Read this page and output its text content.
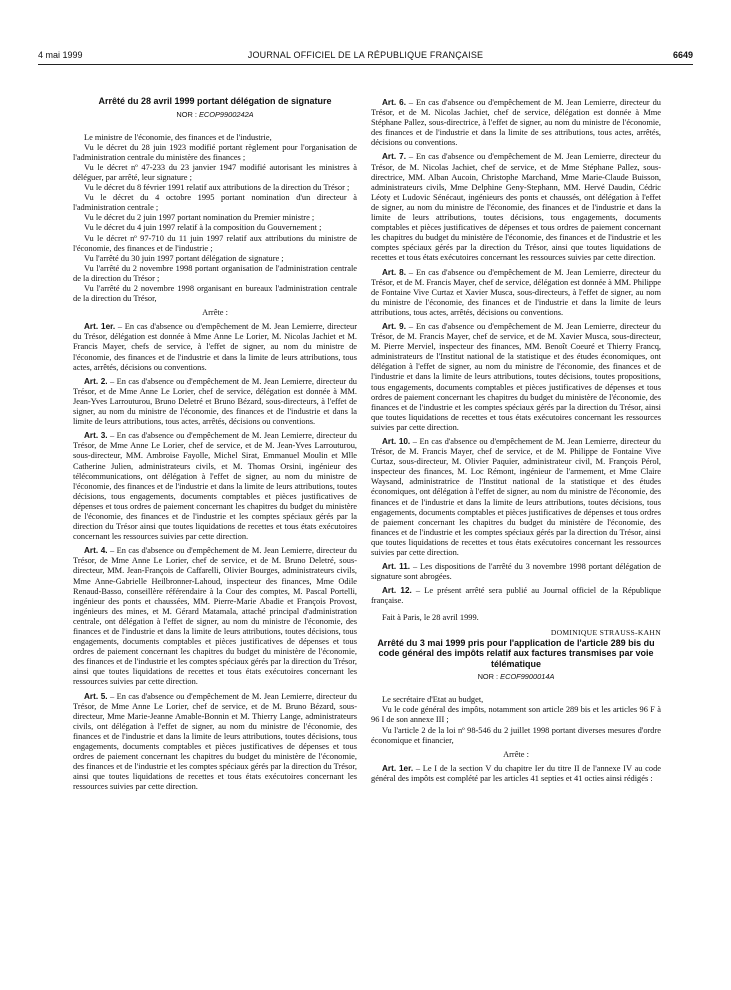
4 mai 1999	JOURNAL OFFICIEL DE LA RÉPUBLIQUE FRANÇAISE	6649

Arrêté du 28 avril 1999 portant délégation de signature

NOR : ECOP9900242A

Le ministre de l'économie, des finances et de l'industrie,

Vu le décret du 28 juin 1923 modifié portant règlement pour l'organisation de l'administration centrale du ministère des finances ;

Vu le décret nº 47-233 du 23 janvier 1947 modifié autorisant les ministres à déléguer, par arrêté, leur signature ;

Vu le décret du 8 février 1991 relatif aux attributions de la direction du Trésor ;

Vu le décret du 4 octobre 1995 portant nomination d'un directeur à l'administration centrale ;

Vu le décret du 2 juin 1997 portant nomination du Premier ministre ;

Vu le décret du 4 juin 1997 relatif à la composition du Gouvernement ;

Vu le décret nº 97-710 du 11 juin 1997 relatif aux attributions du ministre de l'économie, des finances et de l'industrie ;

Vu l'arrêté du 30 juin 1997 portant délégation de signature ;

Vu l'arrêté du 2 novembre 1998 portant organisation de l'administration centrale de la direction du Trésor ;

Vu l'arrêté du 2 novembre 1998 organisant en bureaux l'administration centrale de la direction du Trésor,

Arrête :

Art. 1er. – En cas d'absence ou d'empêchement de M. Jean Lemierre, directeur du Trésor, délégation est donnée à Mme Anne Le Lorier, M. Nicolas Jachiet et M. Francis Mayer, chefs de service, à l'effet de signer, au nom du ministre de l'économie, des finances et de l'industrie et dans la limite de leurs attributions, tous actes, arrêtés, décisions ou conventions.

Art. 2. – En cas d'absence ou d'empêchement de M. Jean Lemierre, directeur du Trésor, et de Mme Anne Le Lorier, chef de service, délégation est donnée à MM. Jean-Yves Larrouturou, Bruno Deletré et Bruno Bézard, sous-directeurs, à l'effet de signer, au nom du ministre de l'économie, des finances et de l'industrie et dans la limite de leurs attributions, tous actes, arrêtés, décisions ou conventions.

Art. 3. – En cas d'absence ou d'empêchement de M. Jean Lemierre, directeur du Trésor, de Mme Anne Le Lorier, chef de service, et de M. Jean-Yves Larrouturou, sous-directeur, MM. Ambroise Fayolle, Michel Sirat, Emmanuel Moulin et Mlle Catherine Julien, administrateurs civils, et M. Thomas Orsini, ingénieur des télécommunications, ont délégation à l'effet de signer, au nom du ministre de l'économie, des finances et de l'industrie et dans la limite de leurs attributions, toutes décisions, tous engagements, documents comptables et pièces justificatives de dépenses et tous ordres de paiement concernant les chapitres du budget du ministère de l'économie, des finances et de l'industrie et les comptes spéciaux gérés par la direction du Trésor ainsi que toutes liquidations de recettes et tous états exécutoires concernant les ressources suivies par cette direction.

Art. 4. – En cas d'absence ou d'empêchement de M. Jean Lemierre, directeur du Trésor, de Mme Anne Le Lorier, chef de service, et de M. Bruno Deletré, sous-directeur, MM. Jean-François de Caffarelli, Olivier Bourges, administrateurs civils, Mme Anne-Gabrielle Heilbronner-Lahoud, inspecteur des finances, Mme Odile Renaud-Basso, conseillère référendaire à la Cour des comptes, M. Pascal Portelli, ingénieur des ponts et chaussées, MM. Pierre-Marie Abadie et François Provost, ingénieurs des mines, et M. Gérard Matamala, attaché principal d'administration centrale, ont délégation à l'effet de signer, au nom du ministre de l'économie, des finances et de l'industrie et dans la limite de leurs attributions, toutes décisions, tous engagements, documents comptables et pièces justificatives de dépenses et tous ordres de paiement concernant les chapitres du budget du ministère de l'économie, des finances et de l'industrie et les comptes spéciaux gérés par la direction du Trésor, ainsi que toutes liquidations de recettes et tous états exécutoires concernant les ressources suivies par cette direction.

Art. 5. – En cas d'absence ou d'empêchement de M. Jean Lemierre, directeur du Trésor, de Mme Anne Le Lorier, chef de service, et de M. Bruno Bézard, sous-directeur, Mme Marie-Jeanne Amable-Bonnin et M. Thierry Lange, administrateurs civils, ont délégation à l'effet de signer, au nom du ministre de l'économie, des finances et de l'industrie et dans la limite de leurs attributions, toutes décisions, tous engagements, documents comptables et pièces justificatives de dépenses et tous ordres de paiement concernant les chapitres du budget du ministère de l'économie, des finances et de l'industrie et les comptes spéciaux gérés par la direction du Trésor, ainsi que toutes liquidations de recettes et tous états exécutoires concernant les ressources suivies par cette direction.

Art. 6. – En cas d'absence ou d'empêchement de M. Jean Lemierre, directeur du Trésor, et de M. Nicolas Jachiet, chef de service, délégation est donnée à Mme Stéphane Pallez, sous-directrice, à l'effet de signer, au nom du ministre de l'économie, des finances et de l'industrie et dans la limite de ses attributions, tous actes, arrêtés, décisions ou conventions.

Art. 7. – En cas d'absence ou d'empêchement de M. Jean Lemierre, directeur du Trésor, de M. Nicolas Jachiet, chef de service, et de Mme Stéphane Pallez, sous-directrice, MM. Alban Aucoin, Christophe Marchand, Mme Marie-Claude Buisson, administrateurs civils, Mme Delphine Geny-Stephann, MM. Hervé Daudin, Cédric Léoty et Ludovic Sénécaut, ingénieurs des ponts et chaussés, ont délégation à l'effet de signer, au nom du ministre de l'économie, des finances et de l'industrie et dans la limite de leurs attributions, toutes décisions, tous engagements, documents comptables et pièces justificatives de dépenses et tous ordres de paiement concernant les chapitres du budget du ministère de l'économie, des finances et de l'industrie et les comptes spéciaux gérés par la direction du Trésor, ainsi que toutes liquidations de recettes et tous états exécutoires concernant les ressources suivies par cette direction.

Art. 8. – En cas d'absence ou d'empêchement de M. Jean Lemierre, directeur du Trésor, et de M. Francis Mayer, chef de service, délégation est donnée à MM. Philippe de Fontaine Vive Curtaz et Xavier Musca, sous-directeurs, à l'effet de signer, au nom du ministre de l'économie, des finances et de l'industrie et dans la limite de leurs attributions, tous actes, arrêtés, décisions ou conventions.

Art. 9. – En cas d'absence ou d'empêchement de M. Jean Lemierre, directeur du Trésor, de M. Francis Mayer, chef de service, et de M. Xavier Musca, sous-directeur, M. Pierre Merviel, inspecteur des finances, MM. Benoît Coeuré et Thierry Francq, administrateurs de l'Institut national de la statistique et des études économiques, ont délégation à l'effet de signer, au nom du ministre de l'économie, des finances et de l'industrie et dans la limite de leurs attributions, toutes décisions, toutes propositions, tous engagements, documents comptables et pièces justificatives de dépenses et tous ordres de paiement concernant les chapitres du budget du ministère de l'économie, des finances et de l'industrie et les comptes spéciaux gérés par la direction du Trésor, ainsi que toutes liquidations de recettes et tous états exécutoires concernant les ressources suivies par cette direction.

Art. 10. – En cas d'absence ou d'empêchement de M. Jean Lemierre, directeur du Trésor, de M. Francis Mayer, chef de service, et de M. Philippe de Fontaine Vive Curtaz, sous-directeur, M. Olivier Paquier, administrateur civil, M. François Pérol, inspecteur des finances, M. Loc Rémont, ingénieur de l'armement, et Mme Claire Waysand, administratrice de l'Institut national de la statistique et des études économiques, ont délégation à l'effet de signer, au nom du ministre de l'économie, des finances et de l'industrie et dans la limite de leurs attributions, toutes décisions, tous engagements, documents comptables et pièces justificatives de dépenses et tous ordres de paiement concernant les chapitres du budget du ministère de l'économie, des finances et de l'industrie et les comptes spéciaux gérés par la direction du Trésor, ainsi que toutes liquidations de recettes et tous états exécutoires concernant les ressources suivies par cette direction.

Art. 11. – Les dispositions de l'arrêté du 3 novembre 1998 portant délégation de signature sont abrogées.

Art. 12. – Le présent arrêté sera publié au Journal officiel de la République française.

Fait à Paris, le 28 avril 1999.

DOMINIQUE STRAUSS-KAHN

Arrêté du 3 mai 1999 pris pour l'application de l'article 289 bis du code général des impôts relatif aux factures transmises par voie télématique

NOR : ECOF9900014A

Le secrétaire d'Etat au budget,

Vu le code général des impôts, notamment son article 289 bis et les articles 96 F à 96 I de son annexe III ;

Vu l'article 2 de la loi nº 98-546 du 2 juillet 1998 portant diverses mesures d'ordre économique et financier,

Arrête :

Art. 1er. – Le I de la section V du chapitre Ier du titre II de l'annexe IV au code général des impôts est complété par les articles 41 septies et 41 octies ainsi rédigés :
